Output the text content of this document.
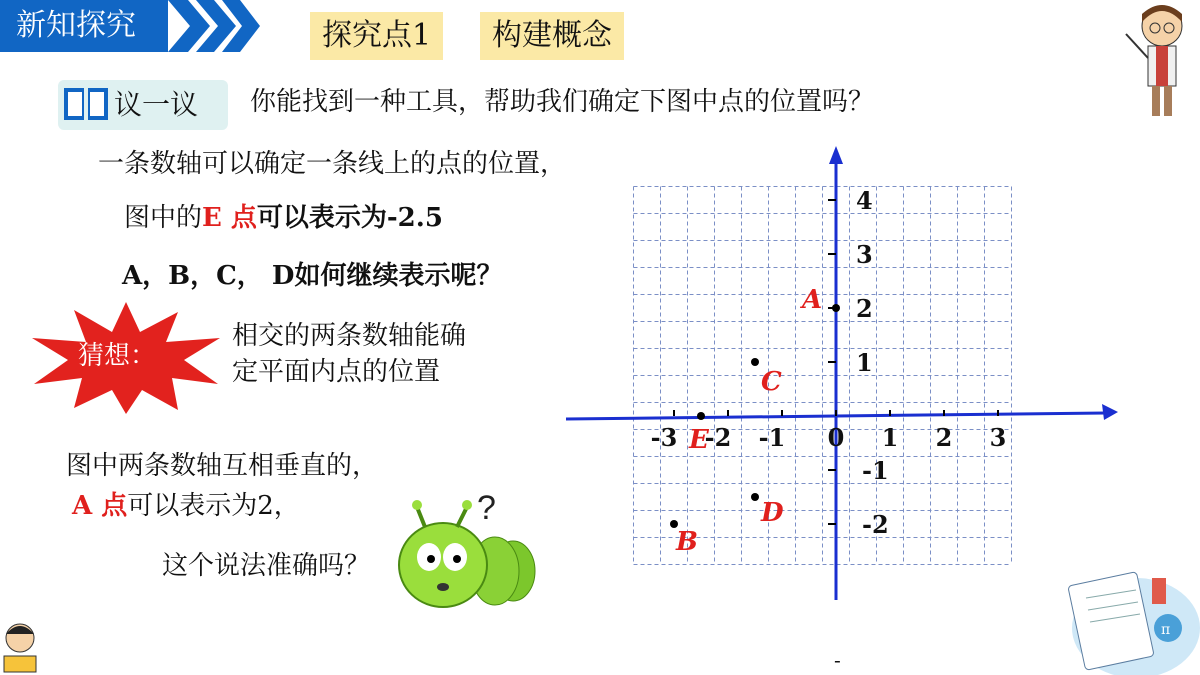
新知探究	探究点1	构建概念
议一议 你能找到一种工具，帮助我们确定下图中点的位置吗？
一条数轴可以确定一条线上的点的位置，
图中的E 点可以表示为-2.5
A，B，C， D如何继续表示呢？
猜想：
相交的两条数轴能确
定平面内点的位置
图中两条数轴互相垂直的，
A 点可以表示为2，
这个说法准确吗？
?
π
-3 -2 -1 0 1 2 3
4
3
2
1
-1
-2
A
B
C
D
E
-
